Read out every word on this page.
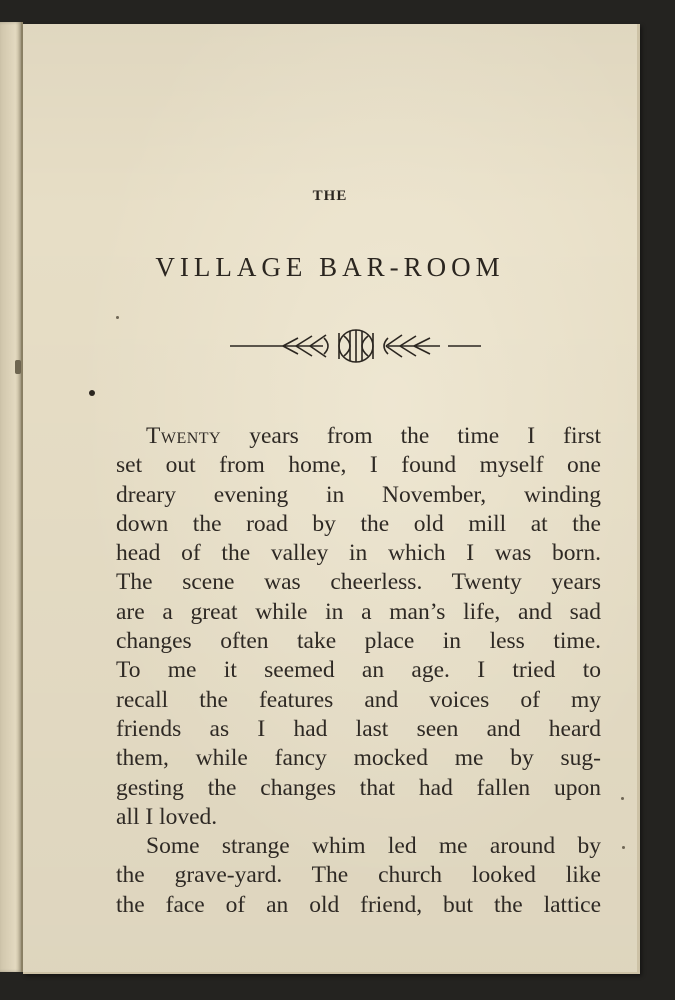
THE
VILLAGE BAR-ROOM
Twenty years from the time I first
set out from home, I found myself one
dreary evening in November, winding
down the road by the old mill at the
head of the valley in which I was born.
The scene was cheerless. Twenty years
are a great while in a man’s life, and sad
changes often take place in less time.
To me it seemed an age. I tried to
recall the features and voices of my
friends as I had last seen and heard
them, while fancy mocked me by sug-
gesting the changes that had fallen upon
all I loved.
Some strange whim led me around by
the grave-yard. The church looked like
the face of an old friend, but the lattice
